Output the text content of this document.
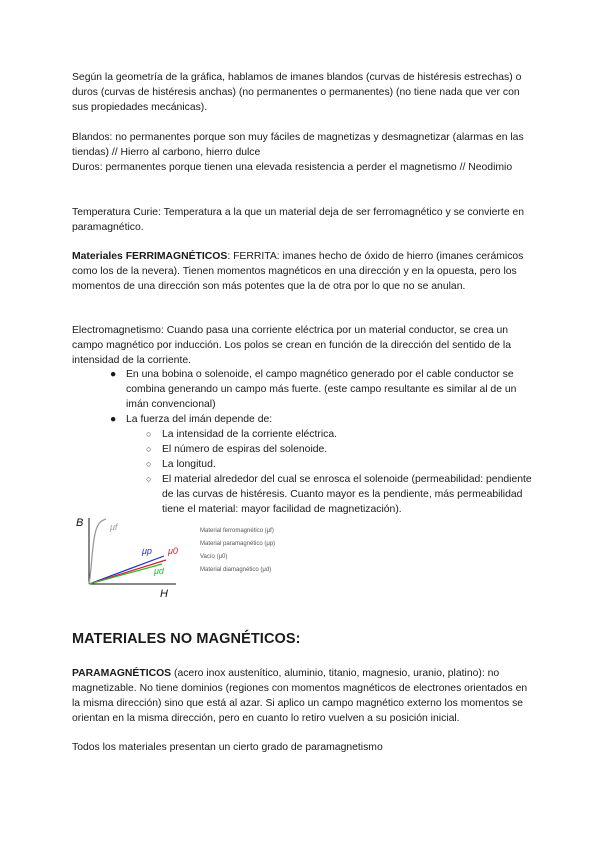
Según la geometría de la gráfica, hablamos de imanes blandos (curvas de histéresis estrechas) o duros (curvas de histéresis anchas) (no permanentes o permanentes) (no tiene nada que ver con sus propiedades mecánicas).

Blandos: no permanentes porque son muy fáciles de magnetizas y desmagnetizar (alarmas en las tiendas) // Hierro al carbono, hierro dulce

Duros: permanentes porque tienen una elevada resistencia a perder el magnetismo // Neodimio

Temperatura Curie: Temperatura a la que un material deja de ser ferromagnético y se convierte en paramagnético.

Materiales FERRIMAGNÉTICOS: FERRITA: imanes hecho de óxido de hierro (imanes cerámicos como los de la nevera). Tienen momentos magnéticos en una dirección y en la opuesta, pero los momentos de una dirección son más potentes que la de otra por lo que no se anulan.

Electromagnetismo: Cuando pasa una corriente eléctrica por un material conductor, se crea un campo magnético por inducción. Los polos se crean en función de la dirección del sentido de la intensidad de la corriente.

● En una bobina o solenoide, el campo magnético generado por el cable conductor se combina generando un campo más fuerte. (este campo resultante es similar al de un imán convencional)
● La fuerza del imán depende de:
○ La intensidad de la corriente eléctrica.
○ El número de espiras del solenoide.
○ La longitud.
○ El material alrededor del cual se enrosca el solenoide (permeabilidad: pendiente de las curvas de histéresis. Cuanto mayor es la pendiente, más permeabilidad tiene el material: mayor facilidad de magnetización).
B
H
μf
μp μ0
μd
Material ferromagnético (μf)
Material paramagnético (μp)
Vacío (μ0)
Material diamagnético (μd)
MATERIALES NO MAGNÉTICOS:

PARAMAGNÉTICOS (acero inox austenítico, aluminio, titanio, magnesio, uranio, platino): no magnetizable. No tiene dominios (regiones con momentos magnéticos de electrones orientados en la misma dirección) sino que está al azar. Si aplico un campo magnético externo los momentos se orientan en la misma dirección, pero en cuanto lo retiro vuelven a su posición inicial.

Todos los materiales presentan un cierto grado de paramagnetismo
